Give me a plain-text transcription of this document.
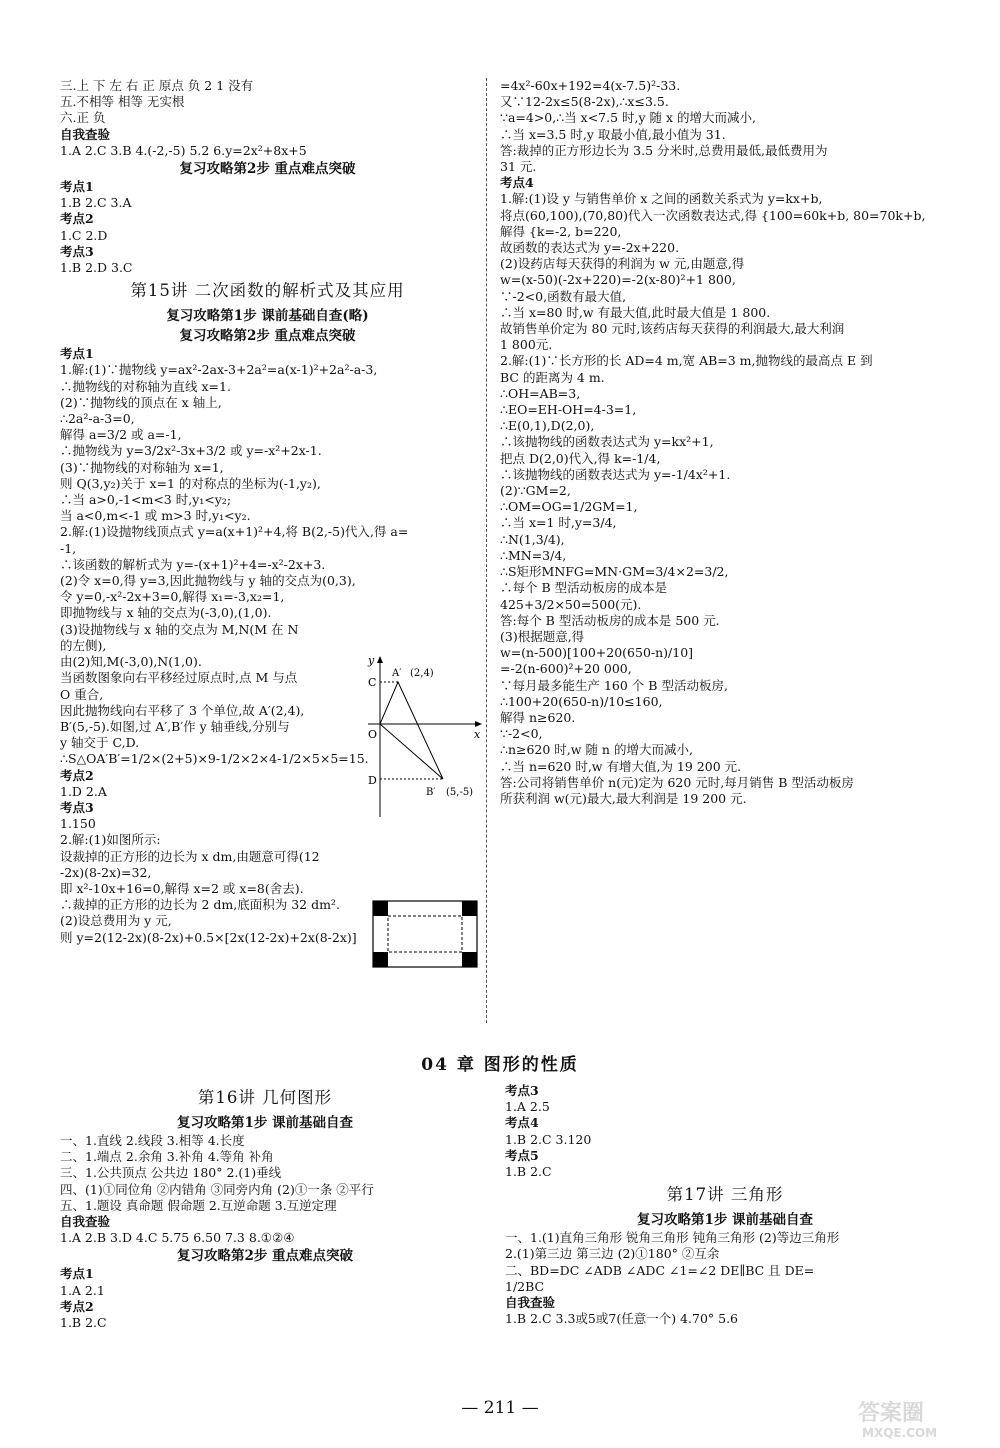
三.上 下 左 右 正 原点 负 2 1 没有
五.不相等 相等 无实根
六.正 负
自我查验
1.A 2.C 3.B 4.(-2,-5) 5.2 6.y=2x²+8x+5
复习攻略第2步 重点难点突破
考点1
1.B 2.C 3.A
考点2
1.C 2.D
考点3
1.B 2.D 3.C
第15讲 二次函数的解析式及其应用
复习攻略第1步 课前基础自查(略)
复习攻略第2步 重点难点突破
考点1
1.解:(1)∵抛物线 y=ax²-2ax-3+2a²=a(x-1)²+2a²-a-3,
∴抛物线的对称轴为直线 x=1.
(2)∵抛物线的顶点在 x 轴上,
∴2a²-a-3=0,
解得 a=3/2 或 a=-1,
∴抛物线为 y=3/2x²-3x+3/2 或 y=-x²+2x-1.
(3)∵抛物线的对称轴为 x=1,
则 Q(3,y₂)关于 x=1 的对称点的坐标为(-1,y₂),
∴当 a>0,-1<m<3 时,y₁<y₂;
当 a<0,m<-1 或 m>3 时,y₁<y₂.
2.解:(1)设抛物线顶点式 y=a(x+1)²+4,将 B(2,-5)代入,得 a=
-1,
∴该函数的解析式为 y=-(x+1)²+4=-x²-2x+3.
(2)令 x=0,得 y=3,因此抛物线与 y 轴的交点为(0,3),
令 y=0,-x²-2x+3=0,解得 x₁=-3,x₂=1,
即抛物线与 x 轴的交点为(-3,0),(1,0).
(3)设抛物线与 x 轴的交点为 M,N(M 在 N
的左侧),
由(2)知,M(-3,0),N(1,0).
当函数图象向右平移经过原点时,点 M 与点
O 重合,
因此抛物线向右平移了 3 个单位,故 A′(2,4),
B′(5,-5).如图,过 A′,B′作 y 轴垂线,分别与
y 轴交于 C,D.
∴S△OA′B′=1/2×(2+5)×9-1/2×2×4-1/2×5×5=15.
考点2
1.D 2.A
考点3
1.150
2.解:(1)如图所示:
设裁掉的正方形的边长为 x dm,由题意可得(12
-2x)(8-2x)=32,
即 x²-10x+16=0,解得 x=2 或 x=8(舍去).
∴裁掉的正方形的边长为 2 dm,底面积为 32 dm².
(2)设总费用为 y 元,
则 y=2(12-2x)(8-2x)+0.5×[2x(12-2x)+2x(8-2x)]
=4x²-60x+192=4(x-7.5)²-33.
又∵12-2x≤5(8-2x),∴x≤3.5.
∵a=4>0,∴当 x<7.5 时,y 随 x 的增大而减小,
∴当 x=3.5 时,y 取最小值,最小值为 31.
答:裁掉的正方形边长为 3.5 分米时,总费用最低,最低费用为
31 元.
考点4
1.解:(1)设 y 与销售单价 x 之间的函数关系式为 y=kx+b,
将点(60,100),(70,80)代入一次函数表达式,得 {100=60k+b, 80=70k+b,
解得 {k=-2, b=220,
故函数的表达式为 y=-2x+220.
(2)设药店每天获得的利润为 w 元,由题意,得
w=(x-50)(-2x+220)=-2(x-80)²+1 800,
∵-2<0,函数有最大值,
∴当 x=80 时,w 有最大值,此时最大值是 1 800.
故销售单价定为 80 元时,该药店每天获得的利润最大,最大利润
1 800元.
2.解:(1)∵长方形的长 AD=4 m,宽 AB=3 m,抛物线的最高点 E 到
BC 的距离为 4 m.
∴OH=AB=3,
∴EO=EH-OH=4-3=1,
∴E(0,1),D(2,0),
∴该抛物线的函数表达式为 y=kx²+1,
把点 D(2,0)代入,得 k=-1/4,
∴该抛物线的函数表达式为 y=-1/4x²+1.
(2)∵GM=2,
∴OM=OG=1/2GM=1,
∴当 x=1 时,y=3/4,
∴N(1,3/4),
∴MN=3/4,
∴S矩形MNFG=MN·GM=3/4×2=3/2,
∴每个 B 型活动板房的成本是
425+3/2×50=500(元).
答:每个 B 型活动板房的成本是 500 元.
(3)根据题意,得
w=(n-500)[100+20(650-n)/10]
=-2(n-600)²+20 000,
∵每月最多能生产 160 个 B 型活动板房,
∴100+20(650-n)/10≤160,
解得 n≥620.
∵-2<0,
∴n≥620 时,w 随 n 的增大而减小,
∴当 n=620 时,w 有增大值,为 19 200 元.
答:公司将销售单价 n(元)定为 620 元时,每月销售 B 型活动板房
所获利润 w(元)最大,最大利润是 19 200 元.
y
x
O
C
D
A′ (2,4)
B′ (5,-5)
04 章 图形的性质
第16讲 几何图形
复习攻略第1步 课前基础自查
一、1.直线 2.线段 3.相等 4.长度
二、1.端点 2.余角 3.补角 4.等角 补角
三、1.公共顶点 公共边 180° 2.(1)垂线
四、(1)①同位角 ②内错角 ③同旁内角 (2)①一条 ②平行
五、1.题设 真命题 假命题 2.互逆命题 3.互逆定理
自我查验
1.A 2.B 3.D 4.C 5.75 6.50 7.3 8.①②④
复习攻略第2步 重点难点突破
考点1
1.A 2.1
考点2
1.B 2.C
考点3
1.A 2.5
考点4
1.B 2.C 3.120
考点5
1.B 2.C
第17讲 三角形
复习攻略第1步 课前基础自查
一、1.(1)直角三角形 锐角三角形 钝角三角形 (2)等边三角形
2.(1)第三边 第三边 (2)①180° ②互余
二、BD=DC ∠ADB ∠ADC ∠1=∠2 DE∥BC 且 DE=
1/2BC
自我查验
1.B 2.C 3.3或5或7(任意一个) 4.70° 5.6
— 211 —	答案圈
MXQE.COM
